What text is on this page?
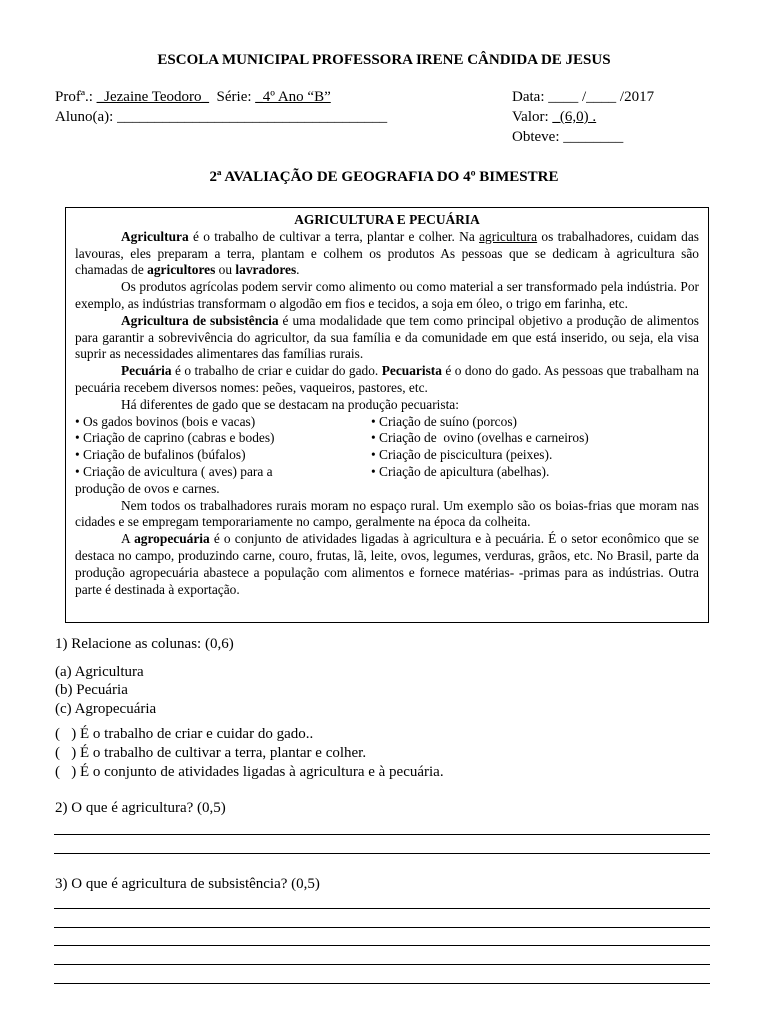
ESCOLA MUNICIPAL PROFESSORA IRENE CÂNDIDA DE JESUS
Profª.: _Jezaine Teodoro_ Série: _4º Ano “B”
Aluno(a): ____________________________________
Data: ____ /____ /2017
Valor: _(6,0) .
Obteve: ________
2ª AVALIAÇÃO DE GEOGRAFIA DO 4º BIMESTRE
AGRICULTURA E PECUÁRIA

Agricultura é o trabalho de cultivar a terra, plantar e colher. Na agricultura os trabalhadores, cuidam das lavouras, eles preparam a terra, plantam e colhem os produtos As pessoas que se dedicam à agricultura são chamadas de agricultores ou lavradores.

Os produtos agrícolas podem servir como alimento ou como material a ser transformado pela indústria. Por exemplo, as indústrias transformam o algodão em fios e tecidos, a soja em óleo, o trigo em farinha, etc.

Agricultura de subsistência é uma modalidade que tem como principal objetivo a produção de alimentos para garantir a sobrevivência do agricultor, da sua família e da comunidade em que está inserido, ou seja, ela visa suprir as necessidades alimentares das famílias rurais.

Pecuária é o trabalho de criar e cuidar do gado. Pecuarista é o dono do gado. As pessoas que trabalham na pecuária recebem diversos nomes: peões, vaqueiros, pastores, etc.

Há diferentes de gado que se destacam na produção pecuarista:

• Os gados bovinos (bois e vacas)
• Criação de caprino (cabras e bodes)
• Criação de bufalinos (búfalos)
• Criação de avicultura ( aves) para a produção de ovos e carnes.
• Criação de suíno (porcos)
• Criação de  ovino (ovelhas e carneiros)
• Criação de piscicultura (peixes).
• Criação de apicultura (abelhas).

Nem todos os trabalhadores rurais moram no espaço rural. Um exemplo são os boias-frias que moram nas cidades e se empregam temporariamente no campo, geralmente na época da colheita.

A agropecuária é o conjunto de atividades ligadas à agricultura e à pecuária. É o setor econômico que se destaca no campo, produzindo carne, couro, frutas, lã, leite, ovos, legumes, verduras, grãos, etc. No Brasil, parte da produção agropecuária abastece a população com alimentos e fornece matérias- -primas para as indústrias. Outra parte é destinada à exportação.

1) Relacione as colunas: (0,6)
(a) Agricultura
(b) Pecuária
(c) Agropecuária
(   ) É o trabalho de criar e cuidar do gado..
(   ) É o trabalho de cultivar a terra, plantar e colher.
(   ) É o conjunto de atividades ligadas à agricultura e à pecuária.
2) O que é agricultura? (0,5)
3) O que é agricultura de subsistência? (0,5)
